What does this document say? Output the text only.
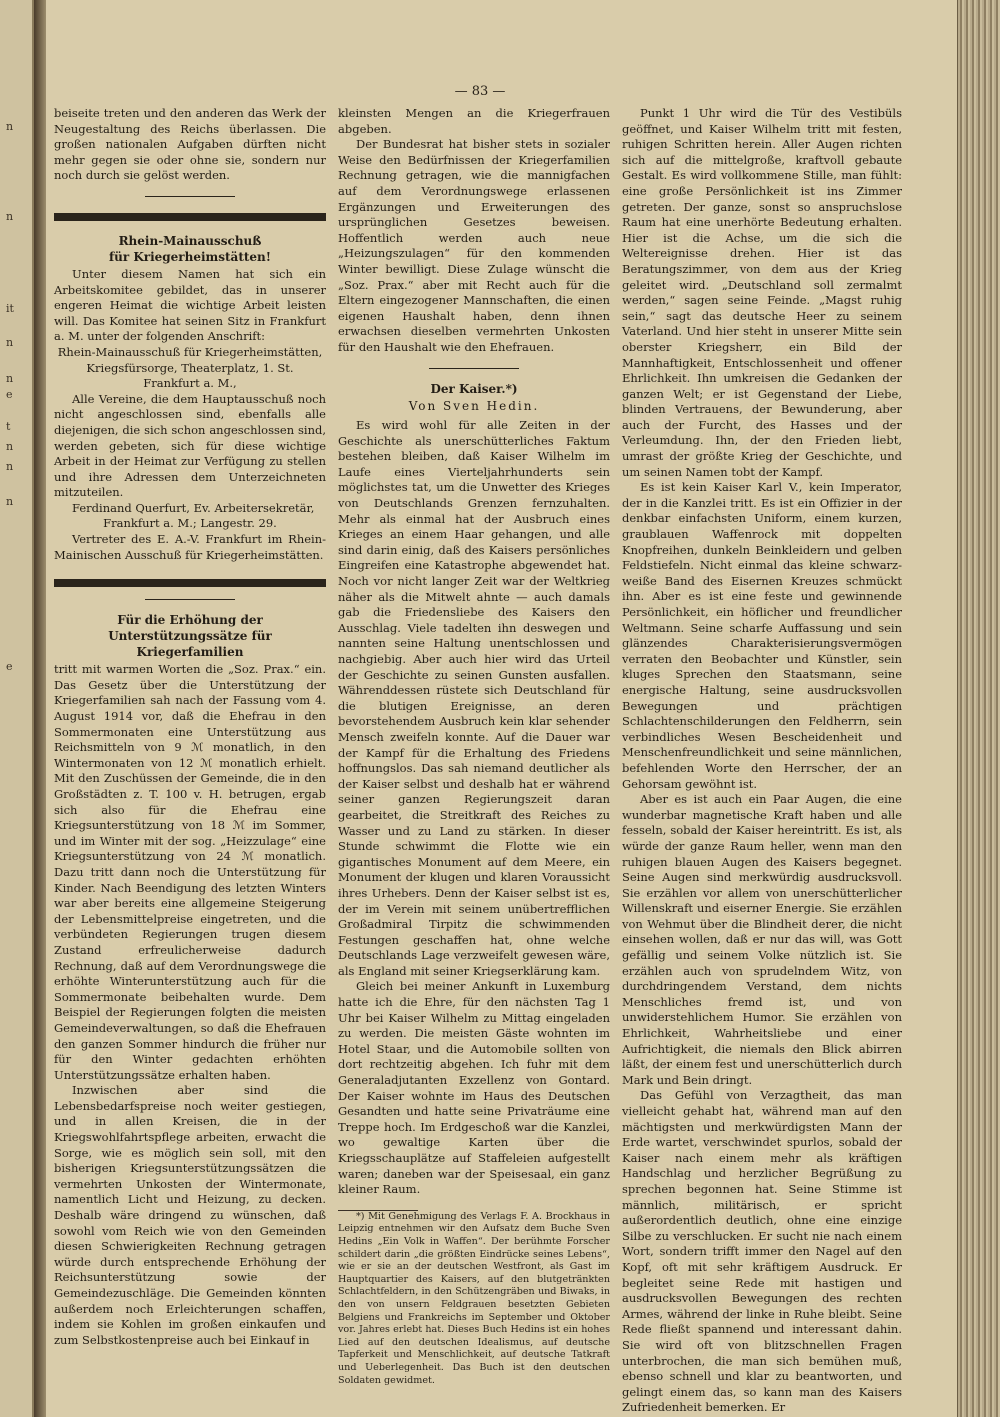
n
n
it
n
n
n
e
t
n
n
e
— 83 —

beiseite treten und den anderen das Werk der Neugestaltung des Reichs überlassen. Die großen nationalen Aufgaben dürften nicht mehr gegen sie oder ohne sie, sondern nur noch durch sie gelöst werden.

Rhein-Mainausschuß
für Kriegerheimstätten!

Unter diesem Namen hat sich ein Arbeitskomitee gebildet, das in unserer engeren Heimat die wichtige Arbeit leisten will. Das Komitee hat seinen Sitz in Frankfurt a. M. unter der folgenden Anschrift:

Rhein-Mainausschuß für Kriegerheimstätten,

Kriegsfürsorge, Theaterplatz, 1. St.

Frankfurt a. M.,

Alle Vereine, die dem Hauptausschuß noch nicht angeschlossen sind, ebenfalls alle diejenigen, die sich schon angeschlossen sind, werden gebeten, sich für diese wichtige Arbeit in der Heimat zur Verfügung zu stellen und ihre Adressen dem Unterzeichneten mitzuteilen.

Ferdinand Querfurt, Ev. Arbeitersekretär,

Frankfurt a. M.; Langestr. 29.

Vertreter des E. A.-V. Frankfurt im Rhein-Mainischen Ausschuß für Kriegerheimstätten.

Für die Erhöhung der Unterstützungssätze für
Kriegerfamilien

tritt mit warmen Worten die „Soz. Prax.“ ein. Das Gesetz über die Unterstützung der Kriegerfamilien sah nach der Fassung vom 4. August 1914 vor, daß die Ehefrau in den Sommermonaten eine Unterstützung aus Reichsmitteln von 9 ℳ monatlich, in den Wintermonaten von 12 ℳ monatlich erhielt. Mit den Zuschüssen der Gemeinde, die in den Großstädten z. T. 100 v. H. betrugen, ergab sich also für die Ehefrau eine Kriegsunterstützung von 18 ℳ im Sommer, und im Winter mit der sog. „Heizzulage“ eine Kriegsunterstützung von 24 ℳ monatlich. Dazu tritt dann noch die Unterstützung für Kinder. Nach Beendigung des letzten Winters war aber bereits eine allgemeine Steigerung der Lebensmittelpreise eingetreten, und die verbündeten Regierungen trugen diesem Zustand erfreulicherweise dadurch Rechnung, daß auf dem Verordnungswege die erhöhte Winterunterstützung auch für die Sommermonate beibehalten wurde. Dem Beispiel der Regierungen folgten die meisten Gemeindeverwaltungen, so daß die Ehefrauen den ganzen Sommer hindurch die früher nur für den Winter gedachten erhöhten Unterstützungssätze erhalten haben.

Inzwischen aber sind die Lebensbedarfspreise noch weiter gestiegen, und in allen Kreisen, die in der Kriegswohlfahrtspflege arbeiten, erwacht die Sorge, wie es möglich sein soll, mit den bisherigen Kriegsunterstützungssätzen die vermehrten Unkosten der Wintermonate, namentlich Licht und Heizung, zu decken. Deshalb wäre dringend zu wünschen, daß sowohl vom Reich wie von den Gemeinden diesen Schwierigkeiten Rechnung getragen würde durch entsprechende Erhöhung der Reichsunterstützung sowie der Gemeindezuschläge. Die Gemeinden könnten außerdem noch Erleichterungen schaffen, indem sie Kohlen im großen einkaufen und zum Selbstkostenpreise auch bei Einkauf in

kleinsten Mengen an die Kriegerfrauen abgeben.

Der Bundesrat hat bisher stets in sozialer Weise den Bedürfnissen der Kriegerfamilien Rechnung getragen, wie die mannigfachen auf dem Verordnungswege erlassenen Ergänzungen und Erweiterungen des ursprünglichen Gesetzes beweisen. Hoffentlich werden auch neue „Heizungszulagen“ für den kommenden Winter bewilligt. Diese Zulage wünscht die „Soz. Prax.“ aber mit Recht auch für die Eltern eingezogener Mannschaften, die einen eigenen Haushalt haben, denn ihnen erwachsen dieselben vermehrten Unkosten für den Haushalt wie den Ehefrauen.

Der Kaiser.*)
Von Sven Hedin.

Es wird wohl für alle Zeiten in der Geschichte als unerschütterliches Faktum bestehen bleiben, daß Kaiser Wilhelm im Laufe eines Vierteljahrhunderts sein möglichstes tat, um die Unwetter des Krieges von Deutschlands Grenzen fernzuhalten. Mehr als einmal hat der Ausbruch eines Krieges an einem Haar gehangen, und alle sind darin einig, daß des Kaisers persönliches Eingreifen eine Katastrophe abgewendet hat. Noch vor nicht langer Zeit war der Weltkrieg näher als die Mitwelt ahnte — auch damals gab die Friedensliebe des Kaisers den Ausschlag. Viele tadelten ihn deswegen und nannten seine Haltung unentschlossen und nachgiebig. Aber auch hier wird das Urteil der Geschichte zu seinen Gunsten ausfallen. Währenddessen rüstete sich Deutschland für die blutigen Ereignisse, an deren bevorstehendem Ausbruch kein klar sehender Mensch zweifeln konnte. Auf die Dauer war der Kampf für die Erhaltung des Friedens hoffnungslos. Das sah niemand deutlicher als der Kaiser selbst und deshalb hat er während seiner ganzen Regierungszeit daran gearbeitet, die Streitkraft des Reiches zu Wasser und zu Land zu stärken. In dieser Stunde schwimmt die Flotte wie ein gigantisches Monument auf dem Meere, ein Monument der klugen und klaren Voraussicht ihres Urhebers. Denn der Kaiser selbst ist es, der im Verein mit seinem unübertrefflichen Großadmiral Tirpitz die schwimmenden Festungen geschaffen hat, ohne welche Deutschlands Lage verzweifelt gewesen wäre, als England mit seiner Kriegserklärung kam.

Gleich bei meiner Ankunft in Luxemburg hatte ich die Ehre, für den nächsten Tag 1 Uhr bei Kaiser Wilhelm zu Mittag eingeladen zu werden. Die meisten Gäste wohnten im Hotel Staar, und die Automobile sollten von dort rechtzeitig abgehen. Ich fuhr mit dem Generaladjutanten Exzellenz von Gontard. Der Kaiser wohnte im Haus des Deutschen Gesandten und hatte seine Privaträume eine Treppe hoch. Im Erdgeschoß war die Kanzlei, wo gewaltige Karten über die Kriegsschauplätze auf Staffeleien aufgestellt waren; daneben war der Speisesaal, ein ganz kleiner Raum.

*) Mit Genehmigung des Verlags F. A. Brockhaus in Leipzig entnehmen wir den Aufsatz dem Buche Sven Hedins „Ein Volk in Waffen“. Der berühmte Forscher schildert darin „die größten Eindrücke seines Lebens“, wie er sie an der deutschen Westfront, als Gast im Hauptquartier des Kaisers, auf den blutgetränkten Schlachtfeldern, in den Schützengräben und Biwaks, in den von unsern Feldgrauen besetzten Gebieten Belgiens und Frankreichs im September und Oktober vor. Jahres erlebt hat. Dieses Buch Hedins ist ein hohes Lied auf den deutschen Idealismus, auf deutsche Tapferkeit und Menschlichkeit, auf deutsche Tatkraft und Ueberlegenheit. Das Buch ist den deutschen Soldaten gewidmet.

Punkt 1 Uhr wird die Tür des Vestibüls geöffnet, und Kaiser Wilhelm tritt mit festen, ruhigen Schritten herein. Aller Augen richten sich auf die mittelgroße, kraftvoll gebaute Gestalt. Es wird vollkommene Stille, man fühlt: eine große Persönlichkeit ist ins Zimmer getreten. Der ganze, sonst so anspruchslose Raum hat eine unerhörte Bedeutung erhalten. Hier ist die Achse, um die sich die Weltereignisse drehen. Hier ist das Beratungszimmer, von dem aus der Krieg geleitet wird. „Deutschland soll zermalmt werden,“ sagen seine Feinde. „Magst ruhig sein,“ sagt das deutsche Heer zu seinem Vaterland. Und hier steht in unserer Mitte sein oberster Kriegsherr, ein Bild der Mannhaftigkeit, Entschlossenheit und offener Ehrlichkeit. Ihn umkreisen die Gedanken der ganzen Welt; er ist Gegenstand der Liebe, blinden Vertrauens, der Bewunderung, aber auch der Furcht, des Hasses und der Verleumdung. Ihn, der den Frieden liebt, umrast der größte Krieg der Geschichte, und um seinen Namen tobt der Kampf.

Es ist kein Kaiser Karl V., kein Imperator, der in die Kanzlei tritt. Es ist ein Offizier in der denkbar einfachsten Uniform, einem kurzen, graublauen Waffenrock mit doppelten Knopfreihen, dunkeln Beinkleidern und gelben Feldstiefeln. Nicht einmal das kleine schwarz-weiße Band des Eisernen Kreuzes schmückt ihn. Aber es ist eine feste und gewinnende Persönlichkeit, ein höflicher und freundlicher Weltmann. Seine scharfe Auffassung und sein glänzendes Charakterisierungsvermögen verraten den Beobachter und Künstler, sein kluges Sprechen den Staatsmann, seine energische Haltung, seine ausdrucksvollen Bewegungen und prächtigen Schlachtenschilderungen den Feldherrn, sein verbindliches Wesen Bescheidenheit und Menschenfreundlichkeit und seine männlichen, befehlenden Worte den Herrscher, der an Gehorsam gewöhnt ist.

Aber es ist auch ein Paar Augen, die eine wunderbar magnetische Kraft haben und alle fesseln, sobald der Kaiser hereintritt. Es ist, als würde der ganze Raum heller, wenn man den ruhigen blauen Augen des Kaisers begegnet. Seine Augen sind merkwürdig ausdrucksvoll. Sie erzählen vor allem von unerschütterlicher Willenskraft und eiserner Energie. Sie erzählen von Wehmut über die Blindheit derer, die nicht einsehen wollen, daß er nur das will, was Gott gefällig und seinem Volke nützlich ist. Sie erzählen auch von sprudelndem Witz, von durchdringendem Verstand, dem nichts Menschliches fremd ist, und von unwiderstehlichem Humor. Sie erzählen von Ehrlichkeit, Wahrheitsliebe und einer Aufrichtigkeit, die niemals den Blick abirren läßt, der einem fest und unerschütterlich durch Mark und Bein dringt.

Das Gefühl von Verzagtheit, das man vielleicht gehabt hat, während man auf den mächtigsten und merkwürdigsten Mann der Erde wartet, verschwindet spurlos, sobald der Kaiser nach einem mehr als kräftigen Handschlag und herzlicher Begrüßung zu sprechen begonnen hat. Seine Stimme ist männlich, militärisch, er spricht außerordentlich deutlich, ohne eine einzige Silbe zu verschlucken. Er sucht nie nach einem Wort, sondern trifft immer den Nagel auf den Kopf, oft mit sehr kräftigem Ausdruck. Er begleitet seine Rede mit hastigen und ausdrucksvollen Bewegungen des rechten Armes, während der linke in Ruhe bleibt. Seine Rede fließt spannend und interessant dahin. Sie wird oft von blitzschnellen Fragen unterbrochen, die man sich bemühen muß, ebenso schnell und klar zu beantworten, und gelingt einem das, so kann man des Kaisers Zufriedenheit bemerken. Er
